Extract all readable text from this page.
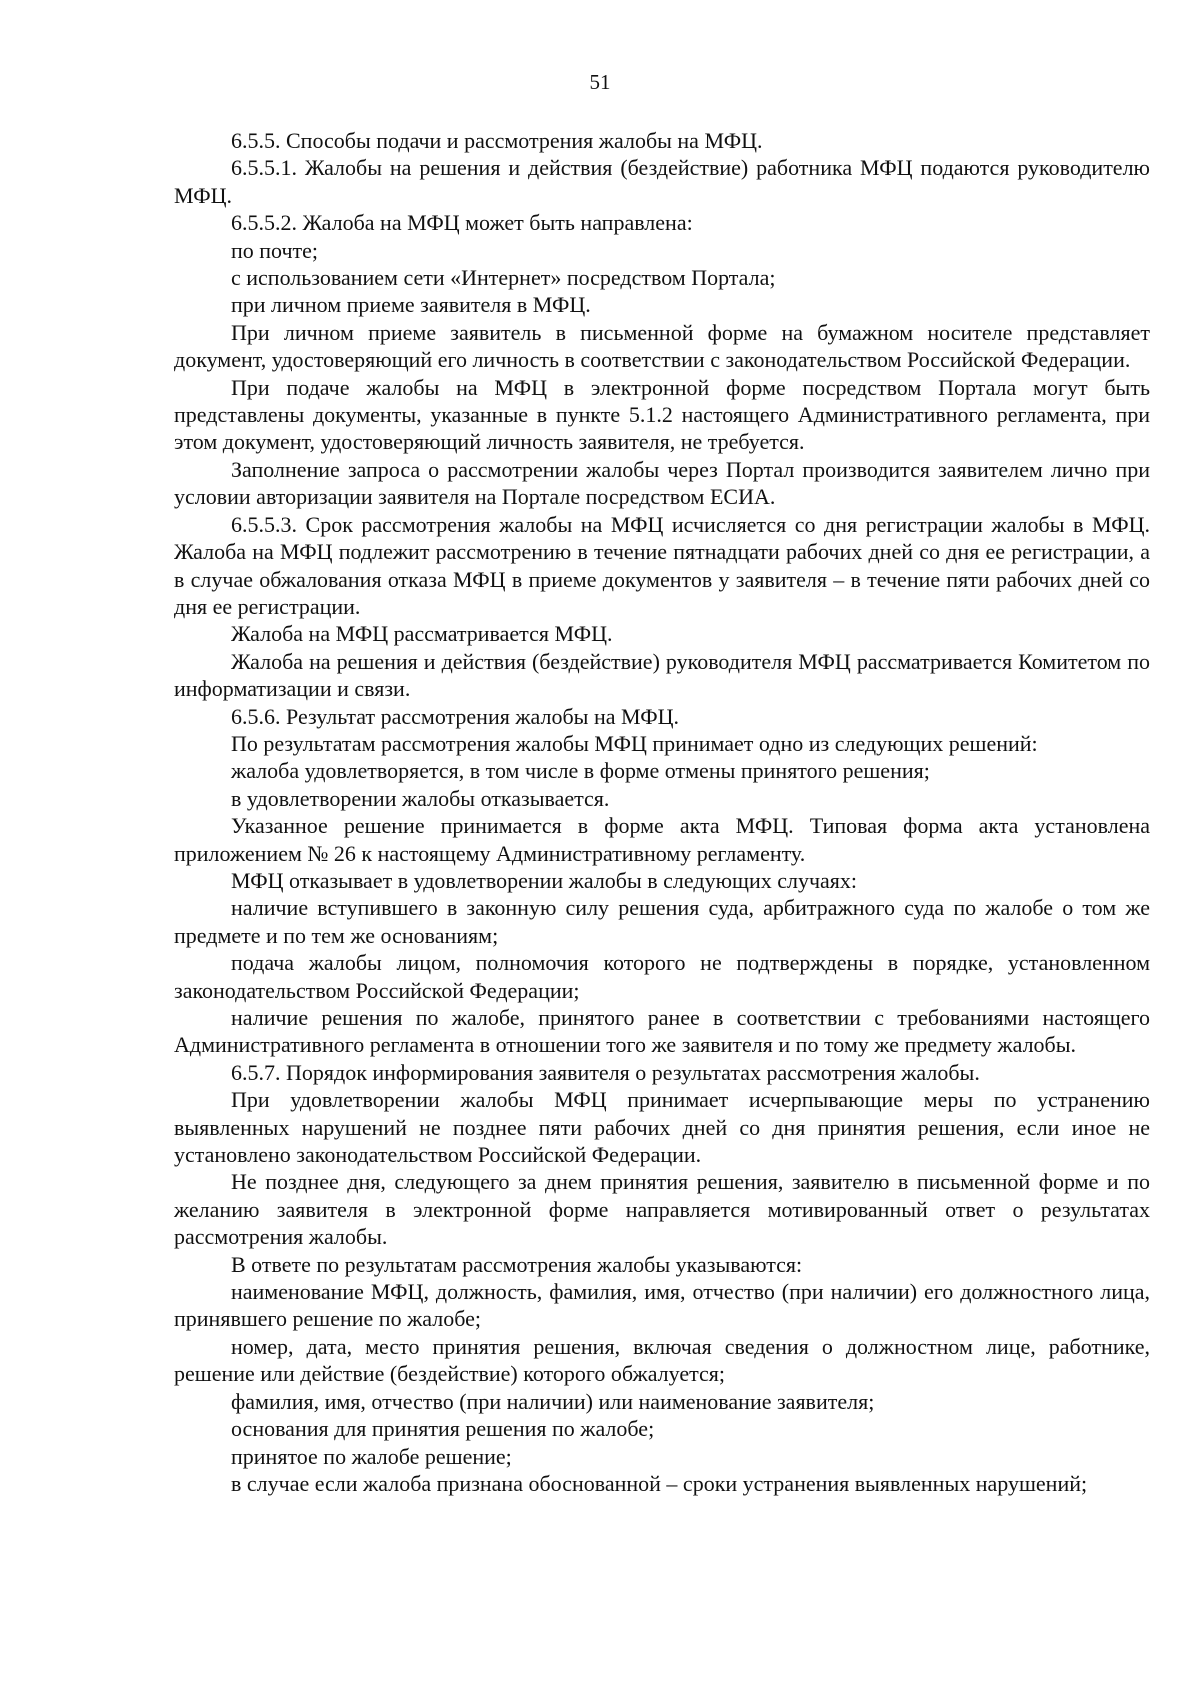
51

6.5.5. Способы подачи и рассмотрения жалобы на МФЦ.

6.5.5.1. Жалобы на решения и действия (бездействие) работника МФЦ подаются руководителю МФЦ.

6.5.5.2. Жалоба на МФЦ может быть направлена:

по почте;

с использованием сети «Интернет» посредством Портала;

при личном приеме заявителя в МФЦ.

При личном приеме заявитель в письменной форме на бумажном носителе представляет документ, удостоверяющий его личность в соответствии с законодательством Российской Федерации.

При подаче жалобы на МФЦ в электронной форме посредством Портала могут быть представлены документы, указанные в пункте 5.1.2 настоящего Административного регламента, при этом документ, удостоверяющий личность заявителя, не требуется.

Заполнение запроса о рассмотрении жалобы через Портал производится заявителем лично при условии авторизации заявителя на Портале посредством ЕСИА.

6.5.5.3. Срок рассмотрения жалобы на МФЦ исчисляется со дня регистрации жалобы в МФЦ. Жалоба на МФЦ подлежит рассмотрению в течение пятнадцати рабочих дней со дня ее регистрации, а в случае обжалования отказа МФЦ в приеме документов у заявителя – в течение пяти рабочих дней со дня ее регистрации.

Жалоба на МФЦ рассматривается МФЦ.

Жалоба на решения и действия (бездействие) руководителя МФЦ рассматривается Комитетом по информатизации и связи.

6.5.6. Результат рассмотрения жалобы на МФЦ.

По результатам рассмотрения жалобы МФЦ принимает одно из следующих решений:

жалоба удовлетворяется, в том числе в форме отмены принятого решения;

в удовлетворении жалобы отказывается.

Указанное решение принимается в форме акта МФЦ. Типовая форма акта установлена приложением № 26 к настоящему Административному регламенту.

МФЦ отказывает в удовлетворении жалобы в следующих случаях:

наличие вступившего в законную силу решения суда, арбитражного суда по жалобе о том же предмете и по тем же основаниям;

подача жалобы лицом, полномочия которого не подтверждены в порядке, установленном законодательством Российской Федерации;

наличие решения по жалобе, принятого ранее в соответствии с требованиями настоящего Административного регламента в отношении того же заявителя и по тому же предмету жалобы.

6.5.7. Порядок информирования заявителя о результатах рассмотрения жалобы.

При удовлетворении жалобы МФЦ принимает исчерпывающие меры по устранению выявленных нарушений не позднее пяти рабочих дней со дня принятия решения, если иное не установлено законодательством Российской Федерации.

Не позднее дня, следующего за днем принятия решения, заявителю в письменной форме и по желанию заявителя в электронной форме направляется мотивированный ответ о результатах рассмотрения жалобы.

В ответе по результатам рассмотрения жалобы указываются:

наименование МФЦ, должность, фамилия, имя, отчество (при наличии) его должностного лица, принявшего решение по жалобе;

номер, дата, место принятия решения, включая сведения о должностном лице, работнике, решение или действие (бездействие) которого обжалуется;

фамилия, имя, отчество (при наличии) или наименование заявителя;

основания для принятия решения по жалобе;

принятое по жалобе решение;

в случае если жалоба признана обоснованной – сроки устранения выявленных нарушений;
